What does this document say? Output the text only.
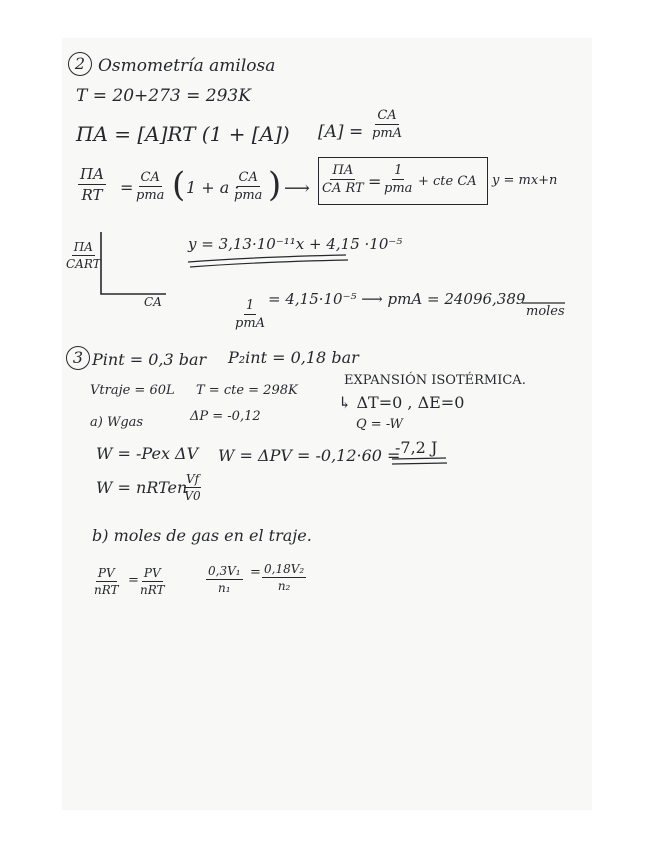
2 Osmometría amilosa
T = 20+273 = 293K
ΠA = [A]RT (1 + [A]) [A] =
CA
pmA
$\frac{\Pi A}{RT}$ =
CA
pma ( 1 + a ·
CA
pma ) ⟶ $\frac{\Pi A}{\text{CA RT}}$ =
1
pma + cte CA y = mx+n
ΠA
CART
CA
y = 3,13·10⁻¹¹x + 4,15 ·10⁻⁵
1
pmA
= 4,15·10⁻⁵ ⟶ pmA = 24096,389
moles
3 Pint = 0,3 bar P₂int = 0,18 bar
Vtraje = 60L T = cte = 298K
EXPANSIÓN ISOTÉRMICA.
↳ ΔT=0 , ΔE=0
Q = -W
a) Wgas	ΔP = -0,12
W = -Pex ΔV W = ΔPV = -0,12·60 =
-7,2 J
W = nRTen
$\frac{Vf}{V0}$
b) moles de gas en el traje.
PV
nRT
= PV
nRT	$\frac{\text{0,3V₁}}{\text{n₁}} = \frac{\text{0,18V₂}}{\text{n₂}}$
